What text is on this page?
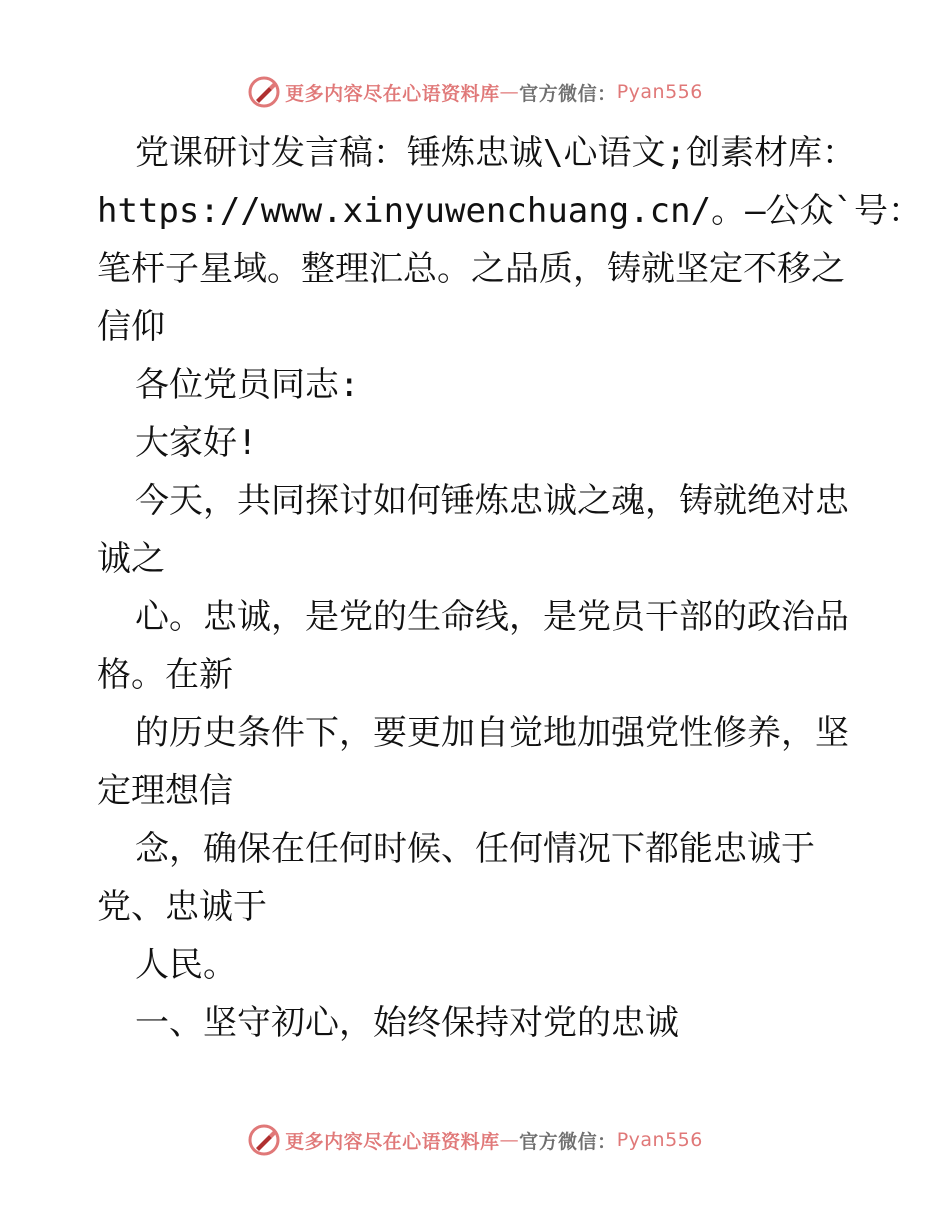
更多内容尽在心语资料库 — 官方微信： Pyan556
党课研讨发言稿：锤炼忠诚\心语文;创素材库：
https://www.xinyuwenchuang.cn/。—公众`号：
笔杆子星域。整理汇总。之品质，铸就坚定不移之
信仰
各位党员同志:
大家好!
今天，共同探讨如何锤炼忠诚之魂，铸就绝对忠
诚之
心。忠诚，是党的生命线，是党员干部的政治品
格。在新
的历史条件下，要更加自觉地加强党性修养，坚
定理想信
念，确保在任何时候、任何情况下都能忠诚于
党、忠诚于
人民。
一、坚守初心，始终保持对党的忠诚
更多内容尽在心语资料库 — 官方微信： Pyan556
